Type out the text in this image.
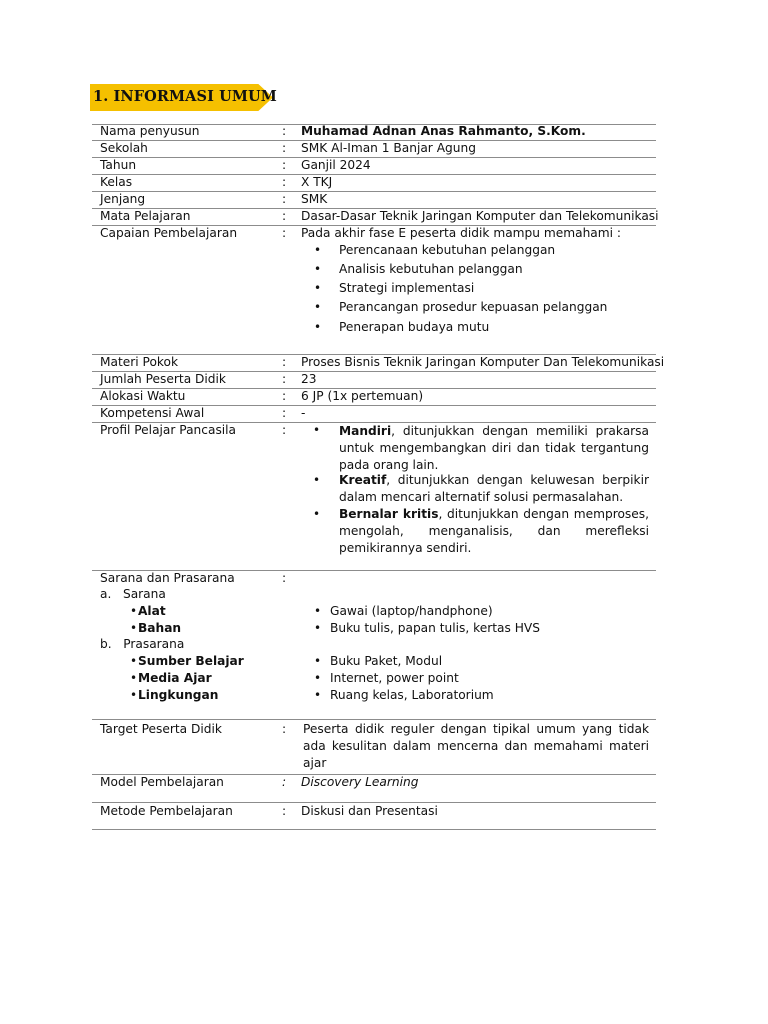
1. INFORMASI UMUM
Nama penyusun	: Muhamad Adnan Anas Rahmanto, S.Kom.
Sekolah	: SMK Al-Iman 1 Banjar Agung
Tahun	: Ganjil 2024
Kelas	: X TKJ
Jenjang	: SMK
Mata Pelajaran	: Dasar-Dasar Teknik Jaringan Komputer dan Telekomunikasi
Capaian Pembelajaran	: Pada akhir fase E peserta didik mampu memahami :
• Perencanaan kebutuhan pelanggan
• Analisis kebutuhan pelanggan
• Strategi implementasi
• Perancangan prosedur kepuasan pelanggan
• Penerapan budaya mutu
Materi Pokok	: Proses Bisnis Teknik Jaringan Komputer Dan Telekomunikasi
Jumlah Peserta Didik	: 23
Alokasi Waktu	: 6 JP (1x pertemuan)
Kompetensi Awal	: -
Profil Pelajar Pancasila	: • Mandiri, ditunjukkan dengan memiliki prakarsa untuk mengembangkan diri dan tidak tergantung pada orang lain.
• Kreatif, ditunjukkan dengan keluwesan berpikir dalam mencari alternatif solusi permasalahan.
• Bernalar kritis, ditunjukkan dengan memproses, mengolah, menganalisis, dan merefleksi pemikirannya sendiri.
Sarana dan Prasarana	:
a.   Sarana
• Alat	• Gawai (laptop/handphone)
• Bahan	• Buku tulis, papan tulis, kertas HVS
b.   Prasarana
• Sumber Belajar	• Buku Paket, Modul
• Media Ajar	• Internet, power point
• Lingkungan	• Ruang kelas, Laboratorium
Target Peserta Didik	: Peserta didik reguler dengan tipikal umum yang tidak ada kesulitan dalam mencerna dan memahami materi ajar
Model Pembelajaran	: Discovery Learning
Metode Pembelajaran	: Diskusi dan Presentasi
